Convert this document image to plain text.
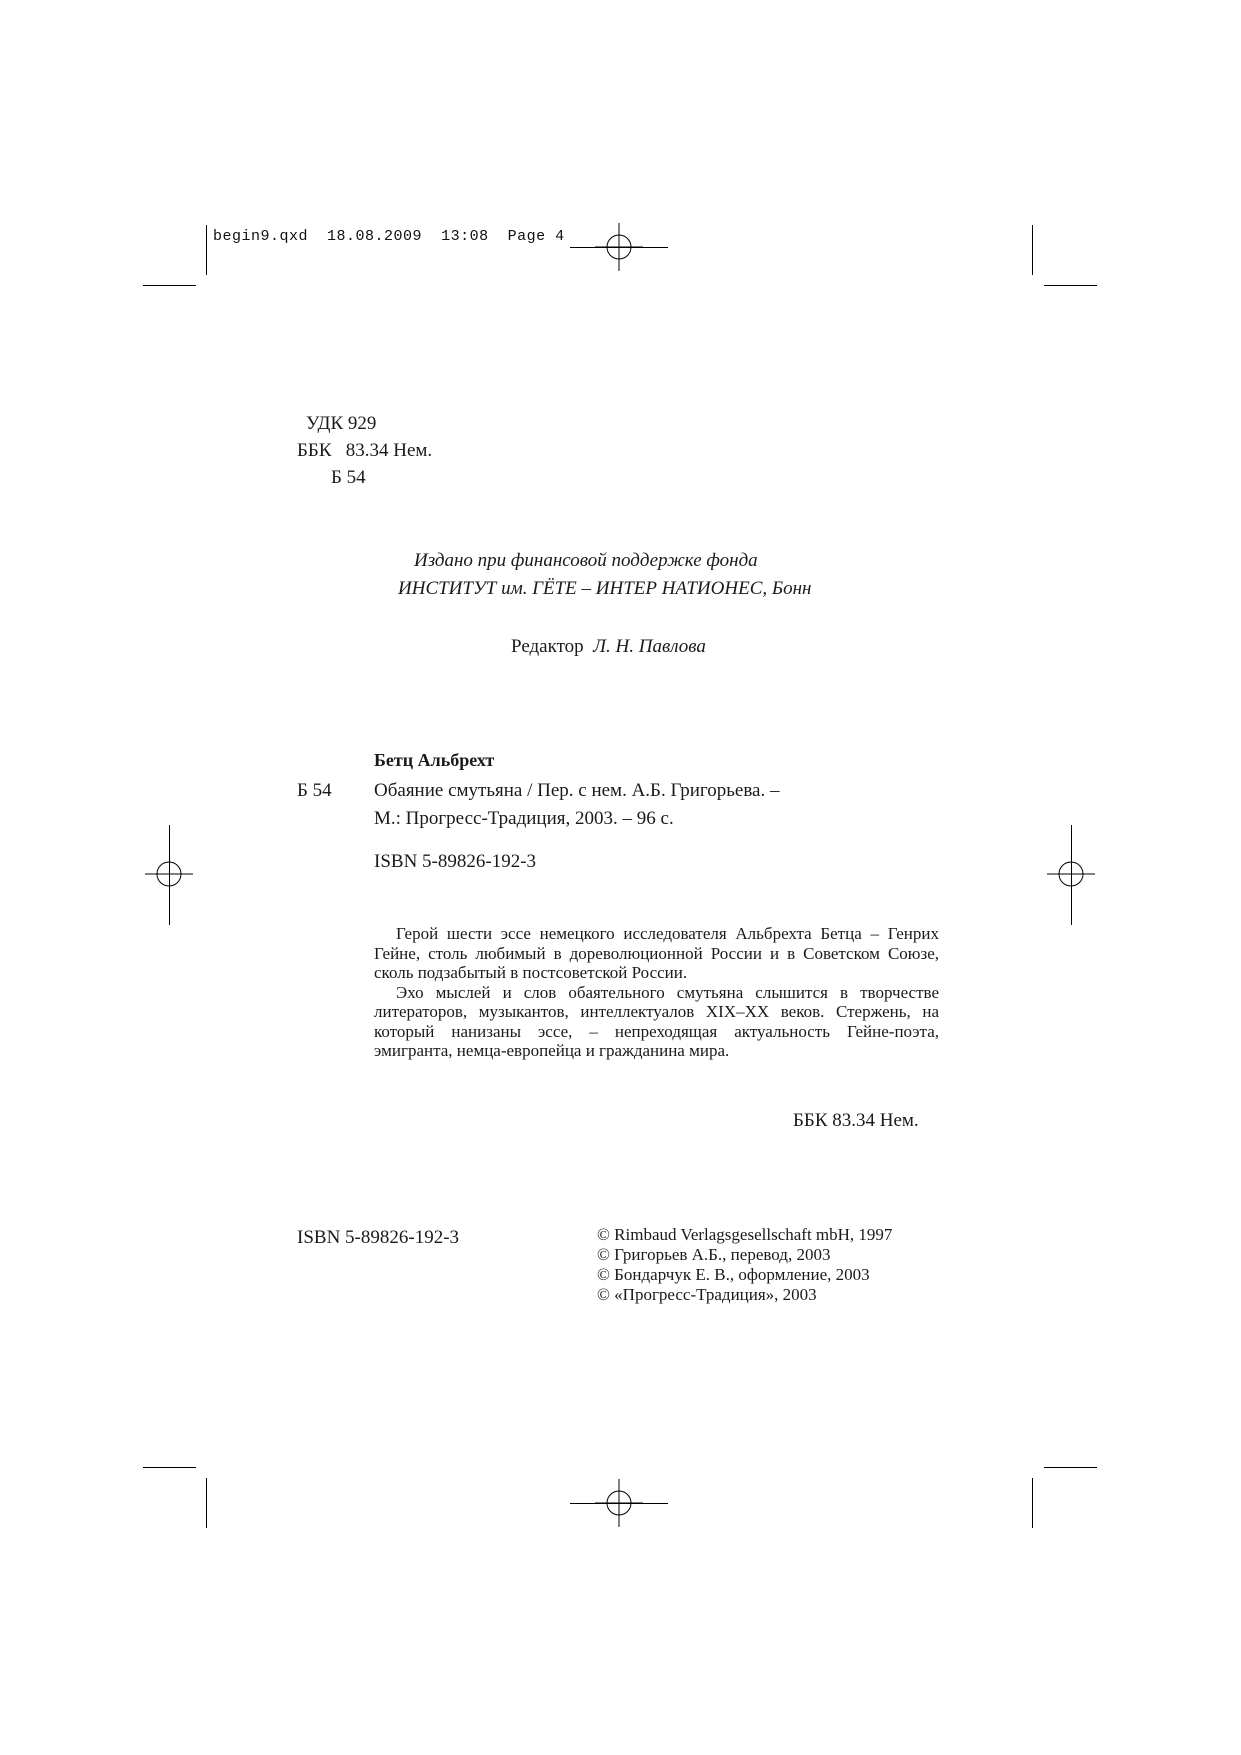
begin9.qxd 18.08.2009 13:08 Page 4
УДК 929
ББК   83.34 Нем.
Б 54
Издано при финансовой поддержке фонда
ИНСТИТУТ им. ГЁТЕ – ИНТЕР НАТИОНЕС, Бонн
Редактор Л. Н. Павлова
Бетц Альбрехт
Б 54 Обаяние смутьяна / Пер. с нем. А.Б. Григорьева. –
М.: Прогресс-Традиция, 2003. – 96 с.
ISBN 5-89826-192-3

Герой шести эссе немецкого исследователя Альбрехта Бетца – Генрих Гейне, столь любимый в дореволюционной России и в Советском Союзе, сколь подзабытый в постсоветской России.

Эхо мыслей и слов обаятельного смутьяна слышится в творчестве литераторов, музыкантов, интеллектуалов XIX–XX веков. Стержень, на который нанизаны эссе, – непреходящая актуальность Гейне-поэта, эмигранта, немца-европейца и гражданина мира.

ББК 83.34 Нем.
ISBN 5-89826-192-3	© Rimbaud Verlagsgesellschaft mbH, 1997
© Григорьев А.Б., перевод, 2003
© Бондарчук Е. В., оформление, 2003
© «Прогресс-Традиция», 2003
